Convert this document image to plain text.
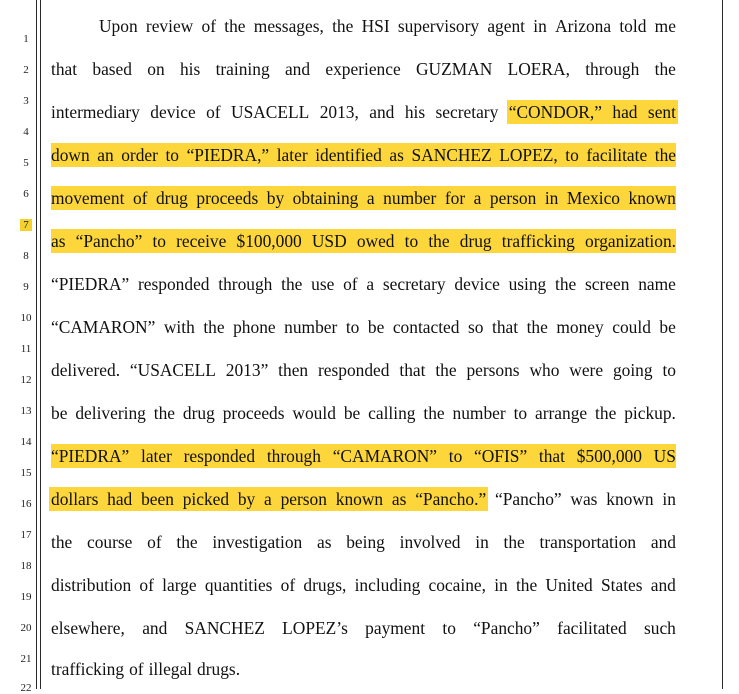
1
2
3
4
5
6
7
8
9
10
11
12
13
14
15
16
17
18
19
20
21
22
Upon review of the messages, the HSI supervisory agent in Arizona told me
that based on his training and experience GUZMAN LOERA, through the
intermediary device of USACELL 2013, and his secretary “CONDOR,” had sent
down an order to “PIEDRA,” later identified as SANCHEZ LOPEZ, to facilitate the
movement of drug proceeds by obtaining a number for a person in Mexico known
as “Pancho” to receive $100,000 USD owed to the drug trafficking organization.
“PIEDRA” responded through the use of a secretary device using the screen name
“CAMARON” with the phone number to be contacted so that the money could be
delivered. “USACELL 2013” then responded that the persons who were going to
be delivering the drug proceeds would be calling the number to arrange the pickup.
“PIEDRA” later responded through “CAMARON” to “OFIS” that $500,000 US
dollars had been picked by a person known as “Pancho.” “Pancho” was known in
the course of the investigation as being involved in the transportation and
distribution of large quantities of drugs, including cocaine, in the United States and
elsewhere, and SANCHEZ LOPEZ’s payment to “Pancho” facilitated such
trafficking of illegal drugs.
